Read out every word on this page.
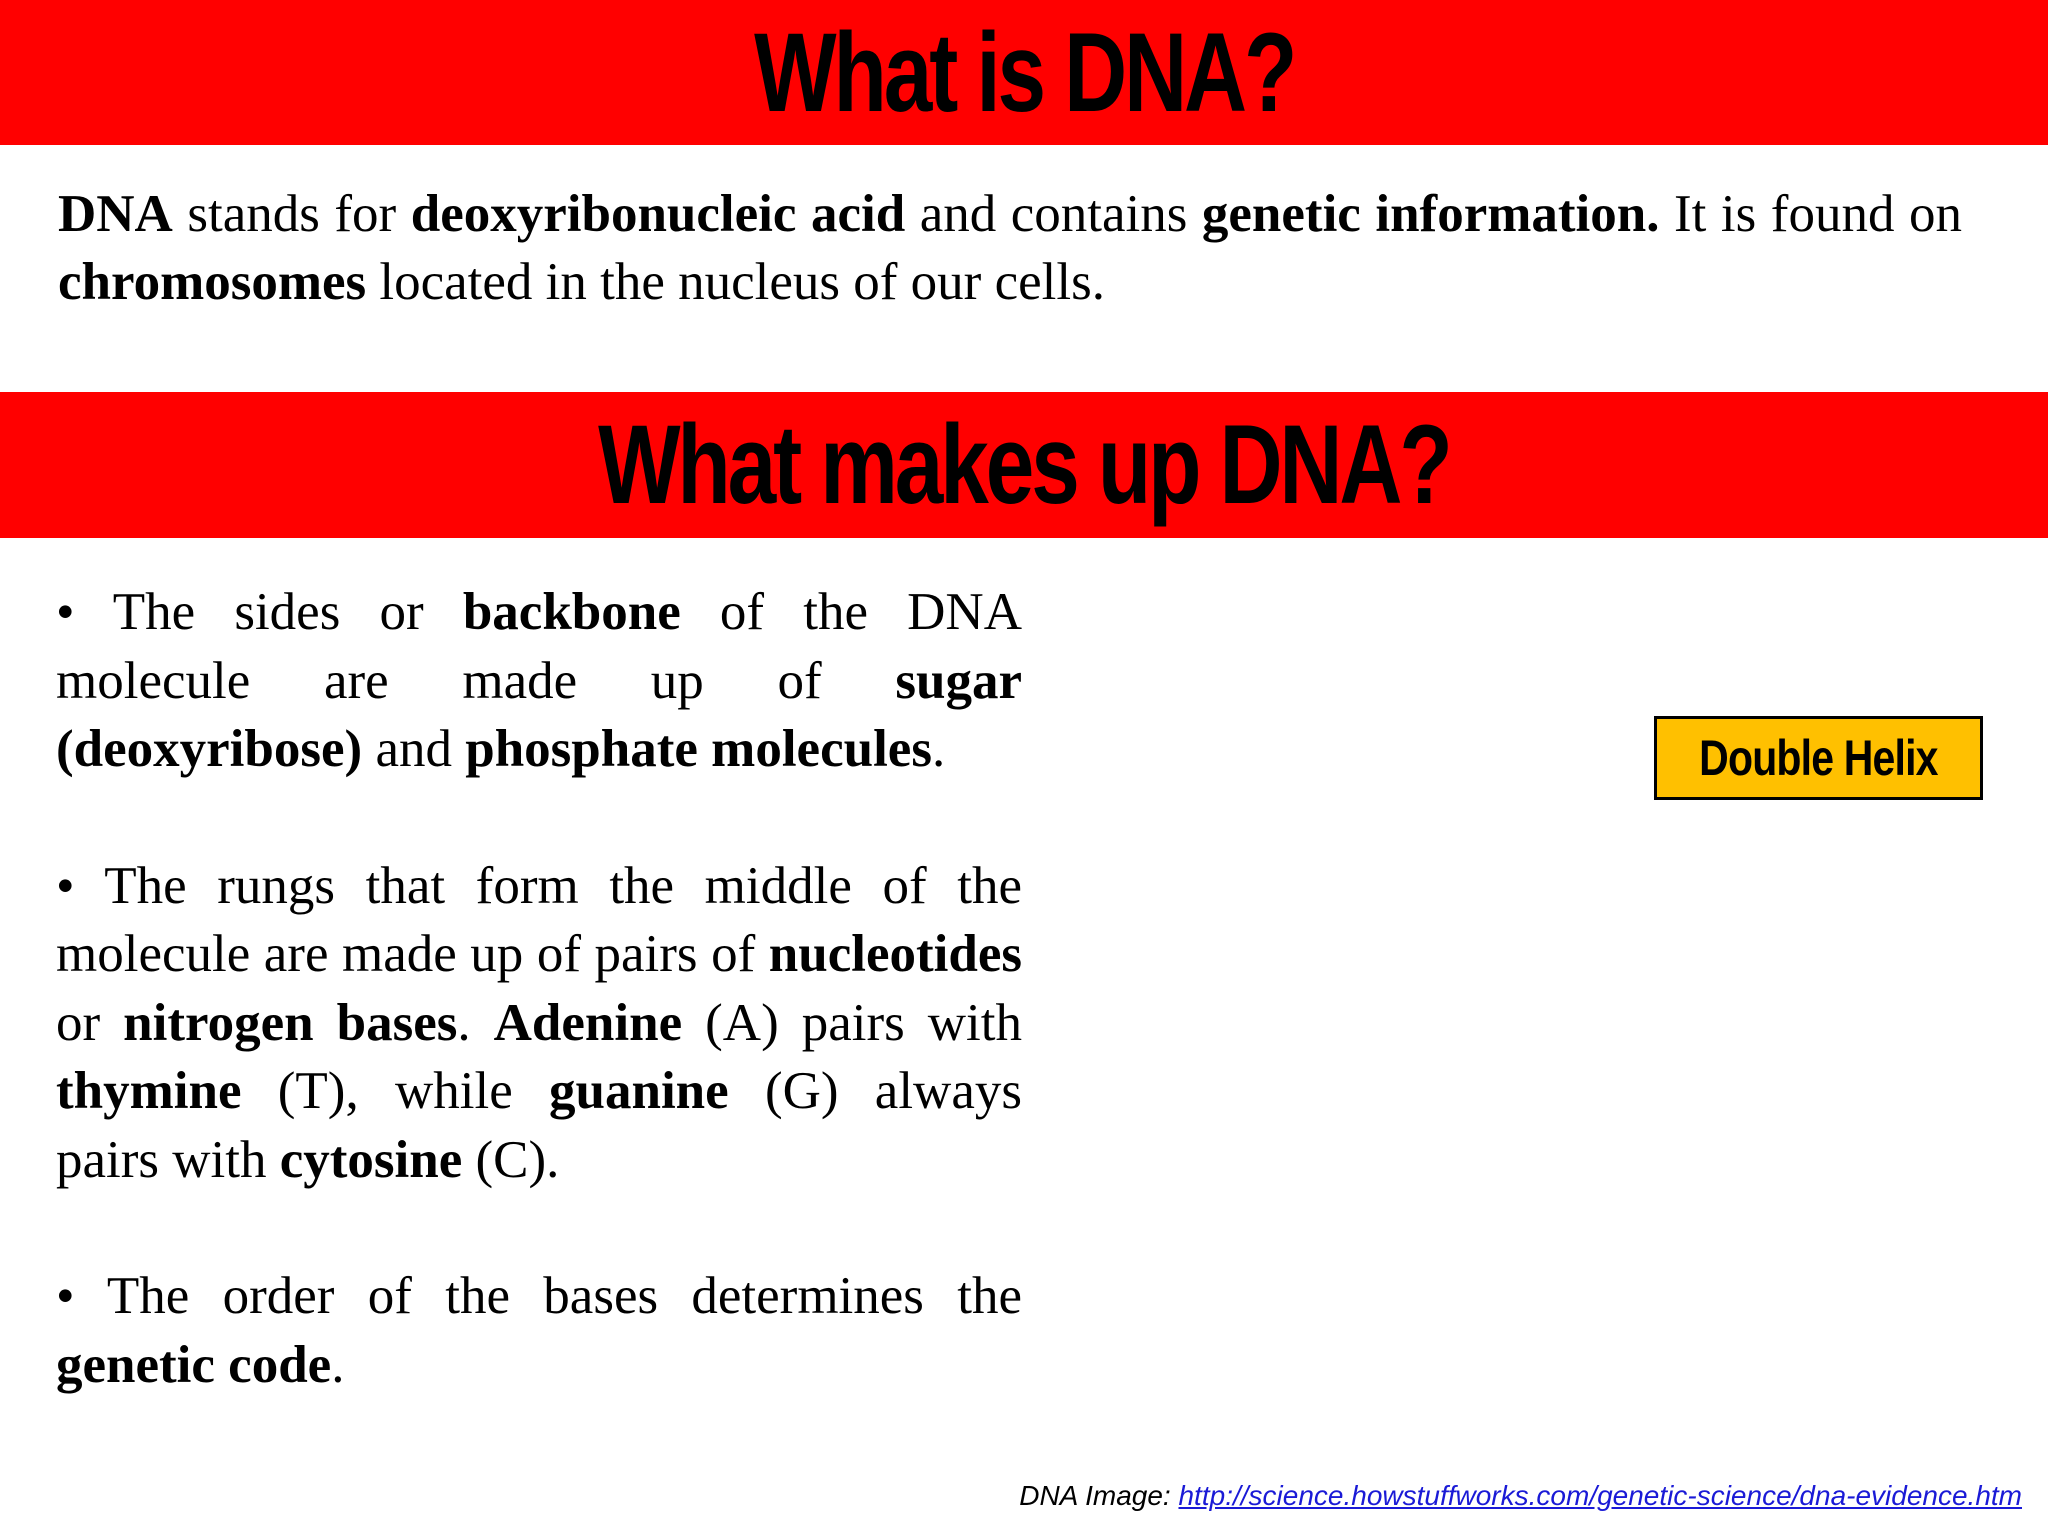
What is DNA?
DNA stands for deoxyribonucleic acid and contains genetic information. It is found on chromosomes located in the nucleus of our cells.
What makes up DNA?

• The sides or backbone of the DNA molecule are made up of sugar (deoxyribose) and phosphate molecules.

• The rungs that form the middle of the molecule are made up of pairs of nucleotides or nitrogen bases. Adenine (A) pairs with thymine (T), while guanine (G) always pairs with cytosine (C).

• The order of the bases determines the genetic code.

Double Helix
DNA Image: http://science.howstuffworks.com/genetic-science/dna-evidence.htm
